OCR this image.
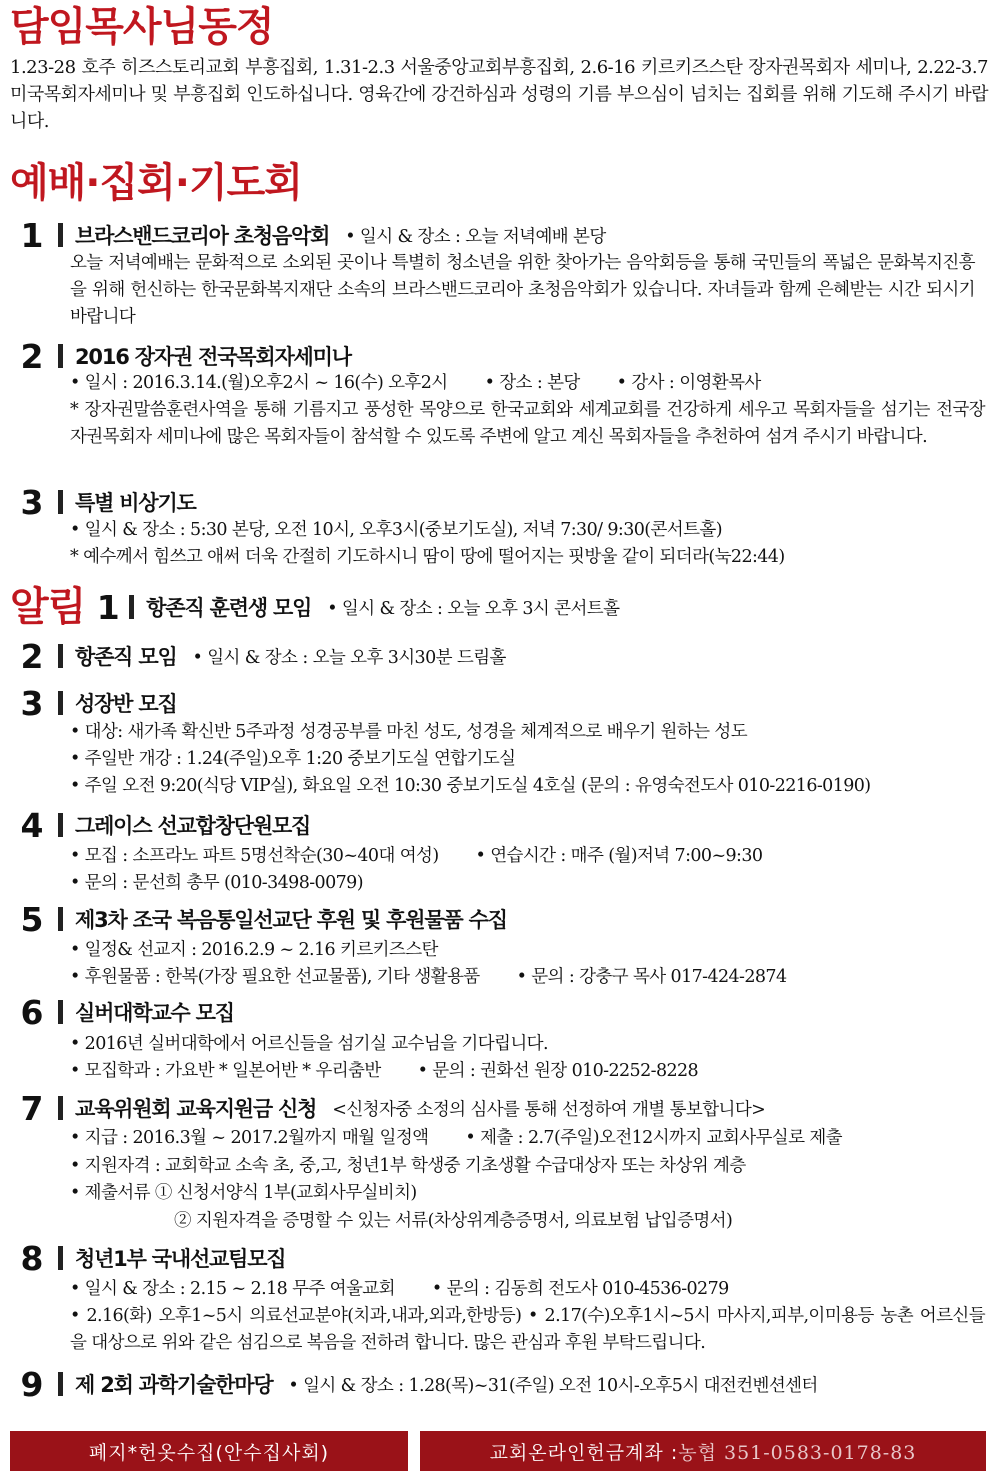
담임목사님동정
1.23-28 호주 히즈스토리교회 부흥집회, 1.31-2.3 서울중앙교회부흥집회, 2.6-16 키르키즈스탄 장자권목회자 세미나, 2.22-3.7 미국목회자세미나 및 부흥집회 인도하십니다. 영육간에 강건하심과 성령의 기름 부으심이 넘치는 집회를 위해 기도해 주시기 바랍니다.
예배·집회·기도회
1	브라스밴드코리아 초청음악회 • 일시 & 장소 : 오늘 저녁예배 본당
오늘 저녁예배는 문화적으로 소외된 곳이나 특별히 청소년을 위한 찾아가는 음악회등을 통해 국민들의 폭넓은 문화복지진흥을 위해 헌신하는 한국문화복지재단 소속의 브라스밴드코리아 초청음악회가 있습니다. 자녀들과 함께 은혜받는 시간 되시기 바랍니다
2	2016 장자권 전국목회자세미나
• 일시 : 2016.3.14.(월)오후2시 ~ 16(수) 오후2시 • 장소 : 본당 • 강사 : 이영환목사
* 장자권말씀훈련사역을 통해 기름지고 풍성한 목양으로 한국교회와 세계교회를 건강하게 세우고 목회자들을 섬기는 전국장자권목회자 세미나에 많은 목회자들이 참석할 수 있도록 주변에 알고 계신 목회자들을 추천하여 섬겨 주시기 바랍니다.
3	특별 비상기도
• 일시 & 장소 : 5:30 본당, 오전 10시, 오후3시(중보기도실), 저녁 7:30/ 9:30(콘서트홀)
* 예수께서 힘쓰고 애써 더욱 간절히 기도하시니 땀이 땅에 떨어지는 핏방울 같이 되더라(눅22:44)
알림 1 항존직 훈련생 모임 • 일시 & 장소 : 오늘 오후 3시 콘서트홀
2	항존직 모임 • 일시 & 장소 : 오늘 오후 3시30분 드림홀
3	성장반 모집
• 대상: 새가족 확신반 5주과정 성경공부를 마친 성도, 성경을 체계적으로 배우기 원하는 성도
• 주일반 개강 : 1.24(주일)오후 1:20 중보기도실 연합기도실
• 주일 오전 9:20(식당 VIP실), 화요일 오전 10:30 중보기도실 4호실 (문의 : 유영숙전도사 010-2216-0190)
4	그레이스 선교합창단원모집
• 모집 : 소프라노 파트 5명선착순(30~40대 여성) • 연습시간 : 매주 (월)저녁 7:00~9:30
• 문의 : 문선희 총무 (010-3498-0079)
5	제3차 조국 복음통일선교단 후원 및 후원물품 수집
• 일정& 선교지 : 2016.2.9 ~ 2.16 키르키즈스탄
• 후원물품 : 한복(가장 필요한 선교물품), 기타 생활용품 • 문의 : 강충구 목사 017-424-2874
6	실버대학교수 모집
• 2016년 실버대학에서 어르신들을 섬기실 교수님을 기다립니다.
• 모집학과 : 가요반 * 일본어반 * 우리춤반 • 문의 : 권화선 원장 010-2252-8228
7	교육위원회 교육지원금 신청 <신청자중 소정의 심사를 통해 선정하여 개별 통보합니다>
• 지급 : 2016.3월 ~ 2017.2월까지 매월 일정액 • 제출 : 2.7(주일)오전12시까지 교회사무실로 제출
• 지원자격 : 교회학교 소속 초, 중,고, 청년1부 학생중 기초생활 수급대상자 또는 차상위 계층
• 제출서류 ① 신청서양식 1부(교회사무실비치)
② 지원자격을 증명할 수 있는 서류(차상위계층증명서, 의료보험 납입증명서)
8	청년1부 국내선교팀모집
• 일시 & 장소 : 2.15 ~ 2.18 무주 여울교회 • 문의 : 김동희 전도사 010-4536-0279
• 2.16(화) 오후1~5시 의료선교분야(치과,내과,외과,한방등) • 2.17(수)오후1시~5시 마사지,피부,이미용등 농촌 어르신들을 대상으로 위와 같은 섬김으로 복음을 전하려 합니다. 많은 관심과 후원 부탁드립니다.
9	제 2회 과학기술한마당 • 일시 & 장소 : 1.28(목)~31(주일) 오전 10시-오후5시 대전컨벤션센터
폐지*헌옷수집(안수집사회)	교회온라인헌금계좌 : 농협 351-0583-0178-83
